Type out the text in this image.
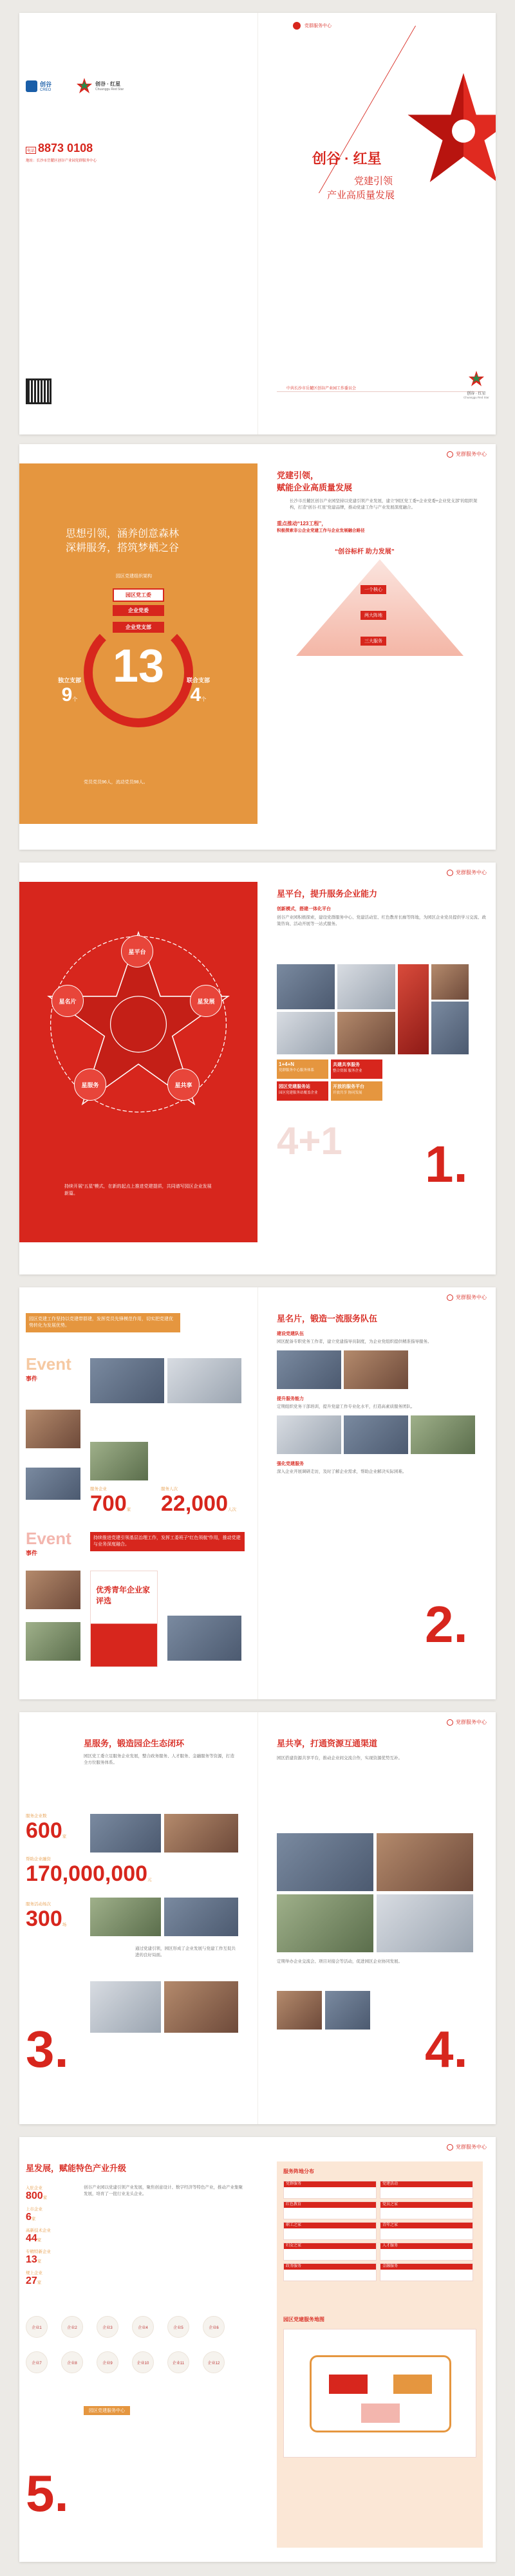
创谷
CREO
创谷 · 红星
Chuanggu Red Star
电话 8873 0108
地址：长沙市岳麓区创谷产业园党群服务中心
党群服务中心
创谷 · 红星
党建引领
产业高质量发展
中共长沙市岳麓区创谷产业园工作委员会
创谷 · 红星
Chuanggu Red Star
党群服务中心
思想引领，涵养创意森林
深耕服务，搭筑梦栖之谷
园区党建组织架构
园区党工委
企业党委
企业党支部
13
独立支部
9个
联合支部
4个
党员党员96人，流动党员98人。
党建引领，
赋能企业高质量发展
长沙市岳麓区创谷产业园坚持以党建引领产业发展，建立“园区党工委+企业党委+企业党支部”的组织架构，打造“创谷·红星”党建品牌，推动党建工作与产业发展深度融合。
重点推动“123工程”，
积极探索非公企业党建工作与企业发展融合路径
“创谷标杆 助力发展”
一个核心
两大阵地
三大服务
党群服务中心
星平台
星发展
星共享
星服务
星名片
持续开展“五星”模式，在新的起点上推进党建提质，共同谱写园区企业发展新篇。
星平台，提升服务企业能力
创新模式，搭建一体化平台
创谷产业园积极探索，建设党群服务中心、党建活动室、红色教育长廊等阵地，为园区企业党员提供学习交流、政策咨询、活动开展等一站式服务。
1+4+N
党群服务中心服务体系
共建共享服务
整合资源 服务企业
园区党建服务站
园区党建服务站覆盖企业
开放的服务平台
开放共享 协同发展
4+1 1.
党群服务中心
园区党建工作坚持以党建带群建，发挥党员先锋模范作用，切实把党建优势转化为发展优势。
Event
事件
服务企业
700家
服务人次
22,000人次
Event
事件
持续推进党建引领基层治理工作，发挥工委班子“红色领航”作用，推动党建与业务深度融合。
优秀青年企业家评选
星名片，锻造一流服务队伍
建设党建队伍
园区配备专职党务工作者，建立党建指导员制度，为企业党组织提供精准指导服务。
提升服务能力
定期组织党务干部培训，提升党建工作专业化水平，打造高素质服务团队。
强化党建服务
深入企业开展调研走访，及时了解企业需求，帮助企业解决实际困难。
2.
党群服务中心
星服务，锻造园企生态闭环
园区党工委立足服务企业发展，整合政务服务、人才服务、金融服务等资源，打造全方位服务体系。
服务企业数
600家
帮助企业融资
170,000,000元
服务活动场次
300场
通过党建引领，园区形成了企业发展与党建工作互促共进的良好局面。
3.
星共享，打通资源互通渠道
园区搭建资源共享平台，推动企业间交流合作，实现资源优势互补。
定期举办企业交流会、项目对接会等活动，促进园区企业协同发展。
4.
党群服务中心
星发展，赋能特色产业升级
入驻企业
800家
上市企业
6家
高新技术企业
44家
专精特新企业
13家
规上企业
27家
创谷产业园以党建引领产业发展，聚焦创意设计、数字经济等特色产业，推动产业集聚发展，培育了一批行业龙头企业。
企业1	企业2	企业3	企业4	企业5	企业6
企业7	企业8	企业9	企业10	企业11	企业12
园区党建服务中心
5.
服务阵地分布
党群服务	党建活动
红色教育	党员之家
职工之家	青年之家
妇女之家	人才服务
政务服务	金融服务
园区党建服务地图
